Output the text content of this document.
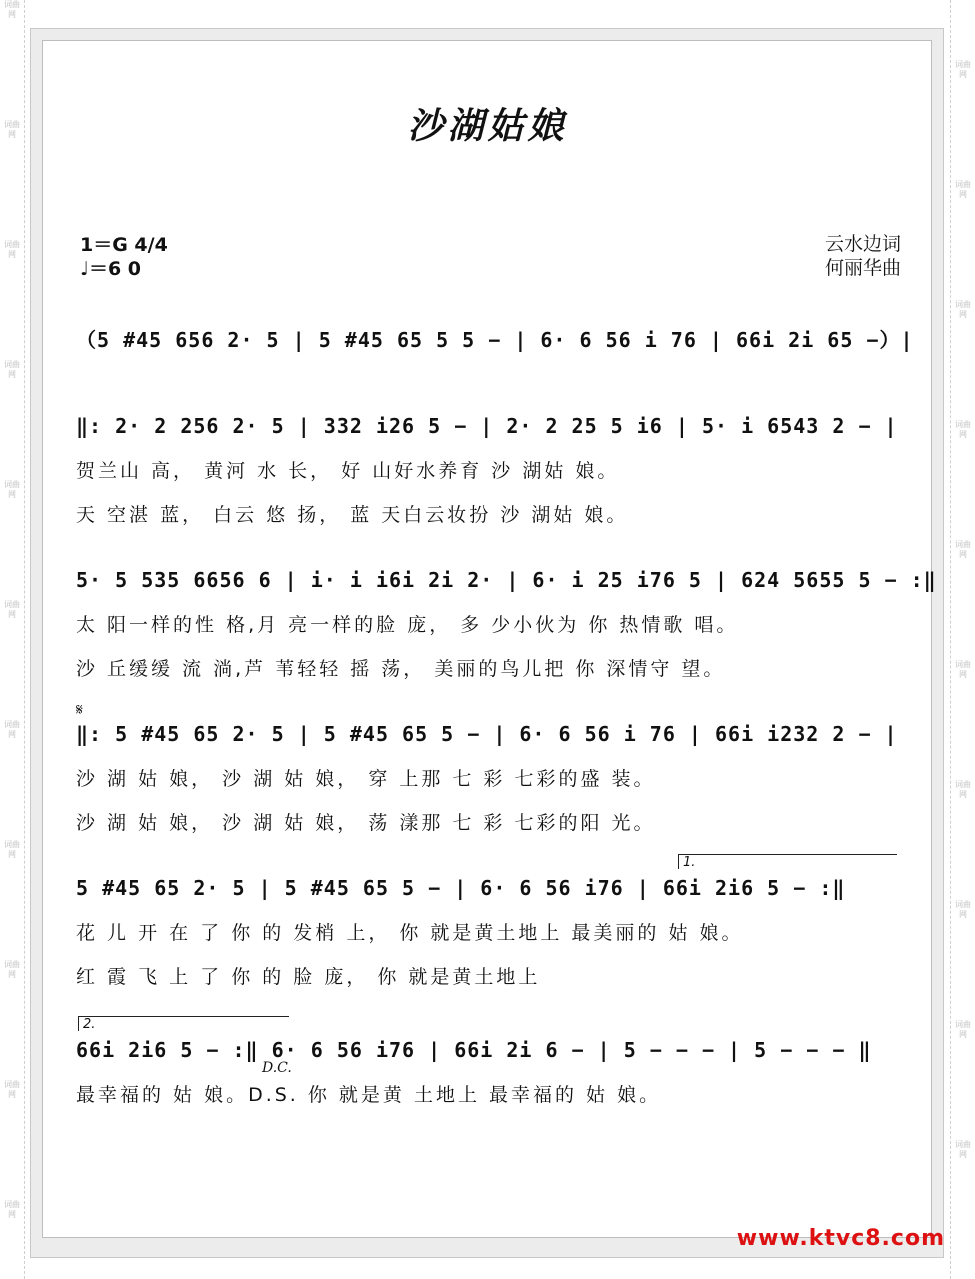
词曲网
词曲网
词曲网
词曲网
词曲网
词曲网
词曲网
词曲网
词曲网
词曲网
词曲网
词曲网
词曲网
词曲网
词曲网
词曲网
词曲网
词曲网
词曲网
词曲网
词曲网
沙湖姑娘
1＝G 4/4
♩＝6 0
云水边词
何丽华曲
（5 #45 656 2· 5 | 5 #45 65 5 5 − | 6· 6 56 i 76 | 66i 2i 65 −）|
‖: 2· 2 256 2· 5 | 332 i26 5 − | 2· 2 25 5 i6 | 5· i 6543 2 − |
贺兰山 高， 黄河 水 长， 好 山好水养育 沙 湖姑 娘。
天 空湛 蓝， 白云 悠 扬， 蓝 天白云妆扮 沙 湖姑 娘。
5· 5 535 6656 6 | i· i i6i 2i 2· | 6· i 25 i76 5 | 624 5655 5 − :‖
太 阳一样的性 格,月 亮一样的脸 庞， 多 少小伙为 你 热情歌 唱。
沙 丘缓缓 流 淌,芦 苇轻轻 摇 荡， 美丽的鸟儿把 你 深情守 望。
𝄋
‖: 5 #45 65 2· 5 | 5 #45 65 5 − | 6· 6 56 i 76 | 66i i232 2 − |
沙 湖 姑 娘， 沙 湖 姑 娘， 穿 上那 七 彩 七彩的盛 装。
沙 湖 姑 娘， 沙 湖 姑 娘， 荡 漾那 七 彩 七彩的阳 光。
1.
5 #45 65 2· 5 | 5 #45 65 5 − | 6· 6 56 i76 | 66i 2i6 5 − :‖
花 儿 开 在 了 你 的 发梢 上， 你 就是黄土地上 最美丽的 姑 娘。
红 霞 飞 上 了 你 的 脸 庞， 你 就是黄土地上
2.
66i 2i6 5 − :‖ 6· 6 56 i76 | 66i 2i 6 − | 5 − − − | 5 − − − ‖
D.C.
最幸福的 姑 娘。D.S. 你 就是黄 土地上 最幸福的 姑 娘。
www.ktvc8.com
